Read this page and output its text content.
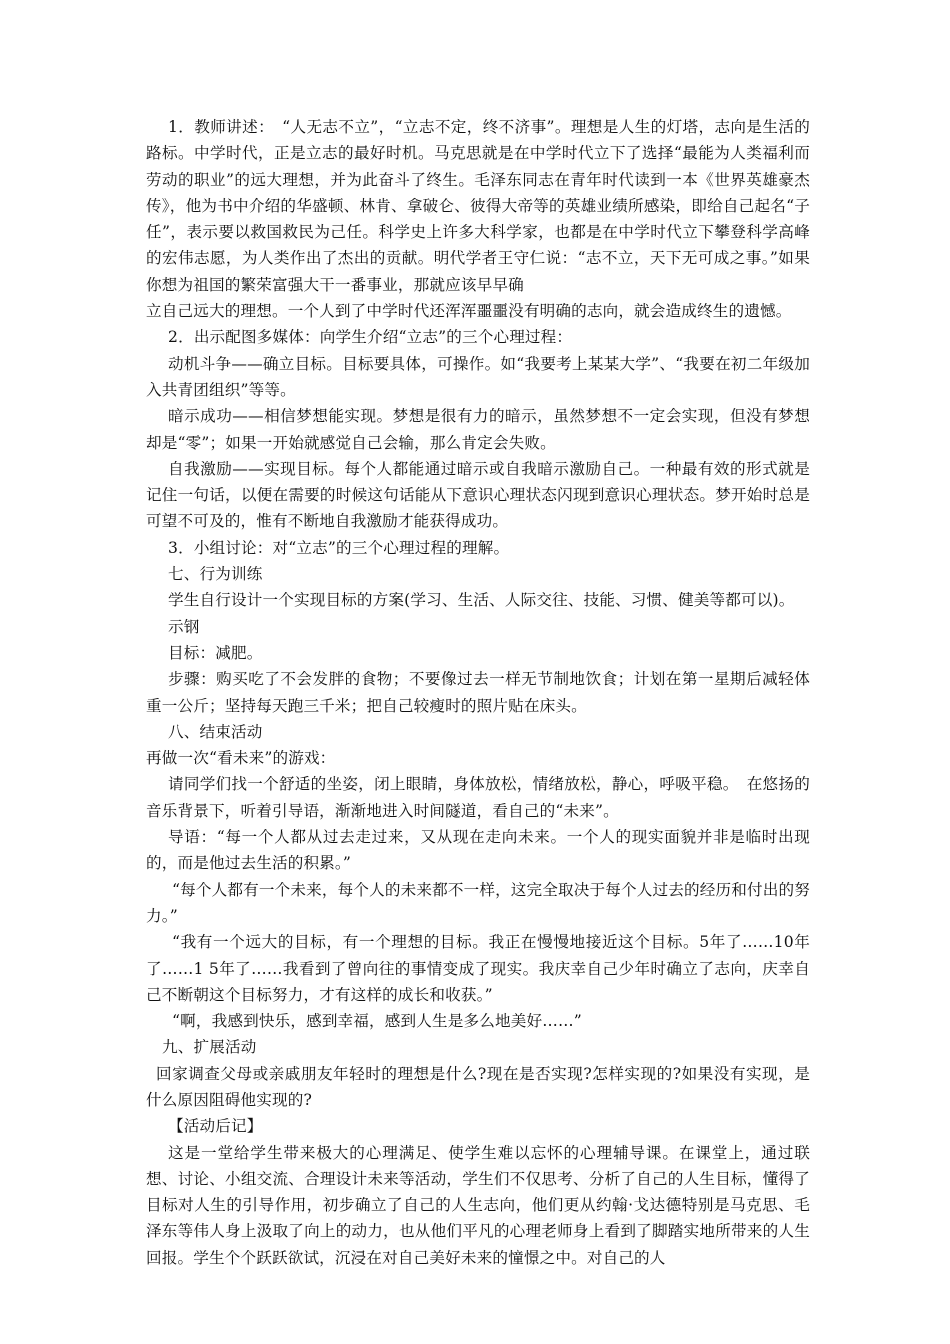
1．教师讲述：　“人无志不立”，“立志不定，终不济事”。理想是人生的灯塔，志向是生活的路标。中学时代，正是立志的最好时机。马克思就是在中学时代立下了选择“最能为人类福利而劳动的职业”的远大理想，并为此奋斗了终生。毛泽东同志在青年时代读到一本《世界英雄豪杰传》，他为书中介绍的华盛顿、林肯、拿破仑、彼得大帝等的英雄业绩所感染，即给自己起名“子任”，表示要以救国救民为己任。科学史上许多大科学家，也都是在中学时代立下攀登科学高峰的宏伟志愿，为人类作出了杰出的贡献。明代学者王守仁说：“志不立，天下无可成之事。”如果你想为祖国的繁荣富强大干一番事业，那就应该早早确

立自己远大的理想。一个人到了中学时代还浑浑噩噩没有明确的志向，就会造成终生的遗憾。

2．出示配图多媒体：向学生介绍“立志”的三个心理过程：

动机斗争——确立目标。目标要具体，可操作。如“我要考上某某大学”、“我要在初二年级加入共青团组织”等等。

暗示成功——相信梦想能实现。梦想是很有力的暗示，虽然梦想不一定会实现，但没有梦想却是“零”；如果一开始就感觉自己会输，那么肯定会失败。

自我激励——实现目标。每个人都能通过暗示或自我暗示激励自己。一种最有效的形式就是记住一句话，以便在需要的时候这句话能从下意识心理状态闪现到意识心理状态。梦开始时总是可望不可及的，惟有不断地自我激励才能获得成功。

3．小组讨论：对“立志”的三个心理过程的理解。

七、行为训练

学生自行设计一个实现目标的方案(学习、生活、人际交往、技能、习惯、健美等都可以)。

示钢

目标：减肥。

步骤：购买吃了不会发胖的食物；不要像过去一样无节制地饮食；计划在第一星期后减轻体重一公斤；坚持每天跑三千米；把自己较瘦时的照片贴在床头。

八、结束活动

再做一次“看未来”的游戏：

请同学们找一个舒适的坐姿，闭上眼睛，身体放松，情绪放松，静心，呼吸平稳。　在悠扬的音乐背景下，听着引导语，渐渐地进入时间隧道，看自己的“未来”。

导语：“每一个人都从过去走过来，又从现在走向未来。一个人的现实面貌并非是临时出现的，而是他过去生活的积累。”

“每个人都有一个未来，每个人的未来都不一样，这完全取决于每个人过去的经历和付出的努力。”

“我有一个远大的目标，有一个理想的目标。我正在慢慢地接近这个目标。5年了……10年了……1 5年了……我看到了曾向往的事情变成了现实。我庆幸自己少年时确立了志向，庆幸自己不断朝这个目标努力，才有这样的成长和收获。”

“啊，我感到快乐，感到幸福，感到人生是多么地美好……”

九、扩展活动

回家调查父母或亲戚朋友年轻时的理想是什么?现在是否实现?怎样实现的?如果没有实现，是什么原因阻碍他实现的?

【活动后记】

这是一堂给学生带来极大的心理满足、使学生难以忘怀的心理辅导课。在课堂上，通过联想、讨论、小组交流、合理设计未来等活动，学生们不仅思考、分析了自己的人生目标，懂得了目标对人生的引导作用，初步确立了自己的人生志向，他们更从约翰·戈达德特别是马克思、毛泽东等伟人身上汲取了向上的动力，也从他们平凡的心理老师身上看到了脚踏实地所带来的人生回报。学生个个跃跃欲试，沉浸在对自己美好未来的憧憬之中。对自己的人
